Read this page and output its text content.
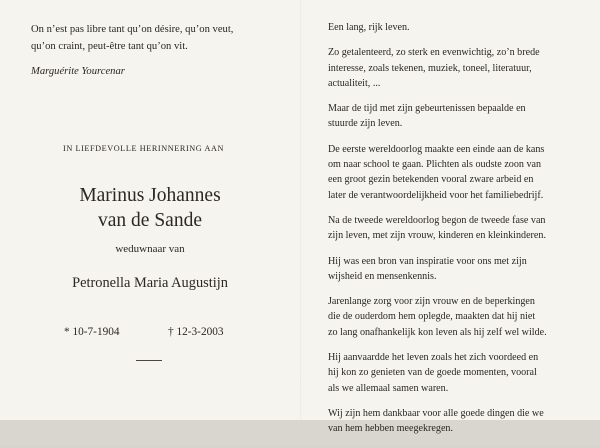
On n’est pas libre tant qu’on désire, qu’on veut,
qu’on craint, peut-être tant qu’on vit.
Marguérite Yourcenar
IN LIEFDEVOLLE HERINNERING AAN
Marinus Johannes
van de Sande
weduwnaar van
Petronella Maria Augustijn
* 10-7-1904	† 12-3-2003

Een lang, rijk leven.

Zo getalenteerd, zo sterk en evenwichtig, zo’n brede
interesse, zoals tekenen, muziek, toneel, literatuur,
actualiteit, ...

Maar de tijd met zijn gebeurtenissen bepaalde en
stuurde zijn leven.

De eerste wereldoorlog maakte een einde aan de kans
om naar school te gaan. Plichten als oudste zoon van
een groot gezin betekenden vooral zware arbeid en
later de verantwoordelijkheid voor het familiebedrijf.

Na de tweede wereldoorlog begon de tweede fase van
zijn leven, met zijn vrouw, kinderen en kleinkinderen.

Hij was een bron van inspiratie voor ons met zijn
wijsheid en mensenkennis.

Jarenlange zorg voor zijn vrouw en de beperkingen
die de ouderdom hem oplegde, maakten dat hij niet
zo lang onafhankelijk kon leven als hij zelf wel wilde.

Hij aanvaardde het leven zoals het zich voordeed en
hij kon zo genieten van de goede momenten, vooral
als we allemaal samen waren.

Wij zijn hem dankbaar voor alle goede dingen die we
van hem hebben meegekregen.
